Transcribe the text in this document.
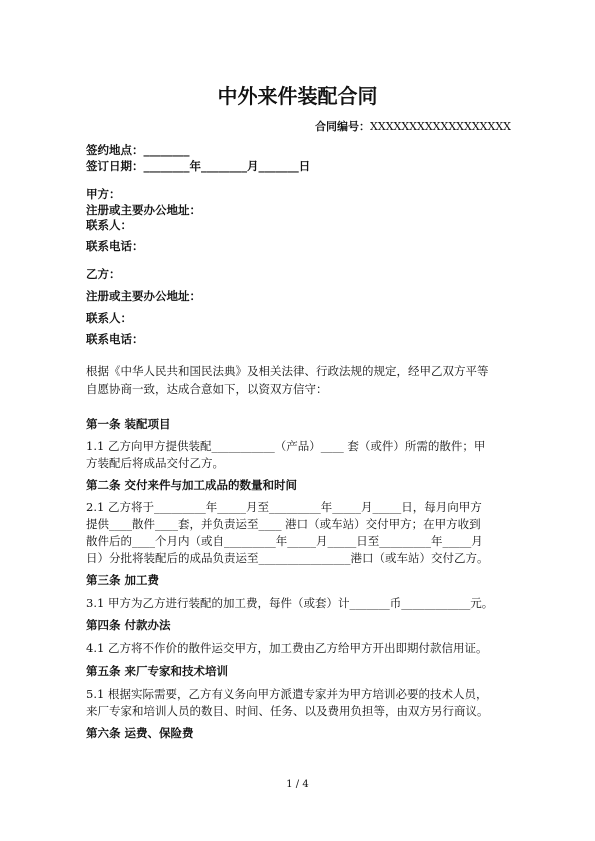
中外来件装配合同
合同编号：XXXXXXXXXXXXXXXXXX
签约地点：________
签订日期：________年________月_______日
甲方：
注册或主要办公地址：
联系人：
联系电话：
乙方：
注册或主要办公地址：
联系人：
联系电话：
根据《中华人民共和国民法典》及相关法律、行政法规的规定，经甲乙双方平等
自愿协商一致，达成合意如下，以资双方信守：
第一条 装配项目
1.1 乙方向甲方提供装配___________（产品）____ 套（或件）所需的散件；甲
方装配后将成品交付乙方。
第二条 交付来件与加工成品的数量和时间
2.1 乙方将于_________年_____月至_________年_____月_____日，每月向甲方
提供____散件____套，并负责运至____ 港口（或车站）交付甲方；在甲方收到
散件后的____个月内（或自_________年_____月_____日至_________年_____月
日）分批将装配后的成品负责运至________________港口（或车站）交付乙方。
第三条 加工费
3.1 甲方为乙方进行装配的加工费，每件（或套）计_______币____________元。
第四条 付款办法
4.1 乙方将不作价的散件运交甲方，加工费由乙方给甲方开出即期付款信用证。
第五条 来厂专家和技术培训
5.1 根据实际需要，乙方有义务向甲方派遣专家并为甲方培训必要的技术人员，
来厂专家和培训人员的数目、时间、任务、以及费用负担等，由双方另行商议。
第六条 运费、保险费
1 / 4
